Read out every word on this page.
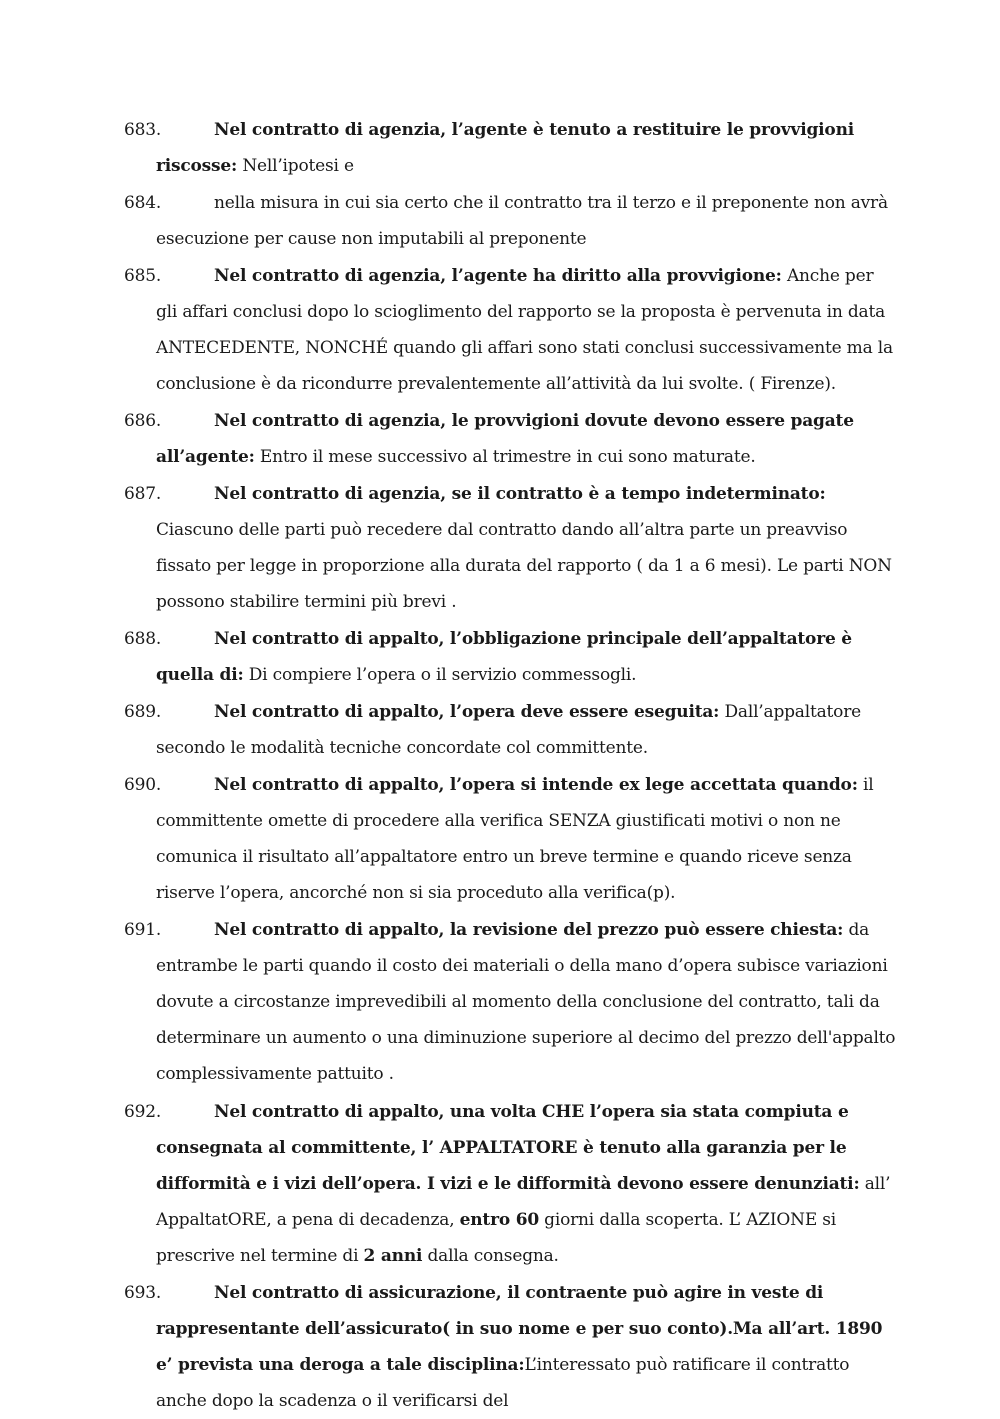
683.	Nel contratto di agenzia, l’agente è tenuto a restituire le provvigioni riscosse: Nell’ipotesi e

684.	nella misura in cui sia certo che il contratto tra il terzo e il preponente non avrà esecuzione per cause non imputabili al preponente

685.	Nel contratto di agenzia, l’agente ha diritto alla provvigione: Anche per gli affari conclusi dopo lo scioglimento del rapporto se la proposta è pervenuta in data ANTECEDENTE, NONCHÉ quando gli affari sono stati conclusi successivamente ma la conclusione è da ricondurre prevalentemente all’attività da lui svolte. ( Firenze).

686.	Nel contratto di agenzia, le provvigioni dovute devono essere pagate all’agente: Entro il mese successivo al trimestre in cui sono maturate.

687.	Nel contratto di agenzia, se il contratto è a tempo indeterminato: Ciascuno delle parti può recedere dal contratto dando all’altra parte un preavviso fissato per legge in proporzione alla durata del rapporto ( da 1 a 6 mesi). Le parti NON possono stabilire termini più brevi .

688.	Nel contratto di appalto, l’obbligazione principale dell’appaltatore è quella di: Di compiere l’opera o il servizio commessogli.

689.	Nel contratto di appalto, l’opera deve essere eseguita: Dall’appaltatore secondo le modalità tecniche concordate col committente.

690.	Nel contratto di appalto, l’opera si intende ex lege accettata quando: il committente omette di procedere alla verifica SENZA giustificati motivi o non ne comunica il risultato all’appaltatore entro un breve termine e quando riceve senza riserve l’opera, ancorché non si sia proceduto alla verifica(p).

691.	Nel contratto di appalto, la revisione del prezzo può essere chiesta: da entrambe le parti quando il costo dei materiali o della mano d’opera subisce variazioni dovute a circostanze imprevedibili al momento della conclusione del contratto, tali da determinare un aumento o una diminuzione superiore al decimo del prezzo dell'appalto complessivamente pattuito .

692.	Nel contratto di appalto, una volta CHE l’opera sia stata compiuta e consegnata al committente, l’ APPALTATORE è tenuto alla garanzia per le difformità e i vizi dell’opera. I vizi e le difformità devono essere denunziati: all’ AppaltatORE, a pena di decadenza, entro 60 giorni dalla scoperta. L’ AZIONE si prescrive nel termine di 2 anni dalla consegna.

693.	Nel contratto di assicurazione, il contraente può agire in veste di rappresentante dell’assicurato( in suo nome e per suo conto).Ma all’art. 1890 e’ prevista una deroga a tale disciplina:L’interessato può ratificare il contratto anche dopo la scadenza o il verificarsi del
